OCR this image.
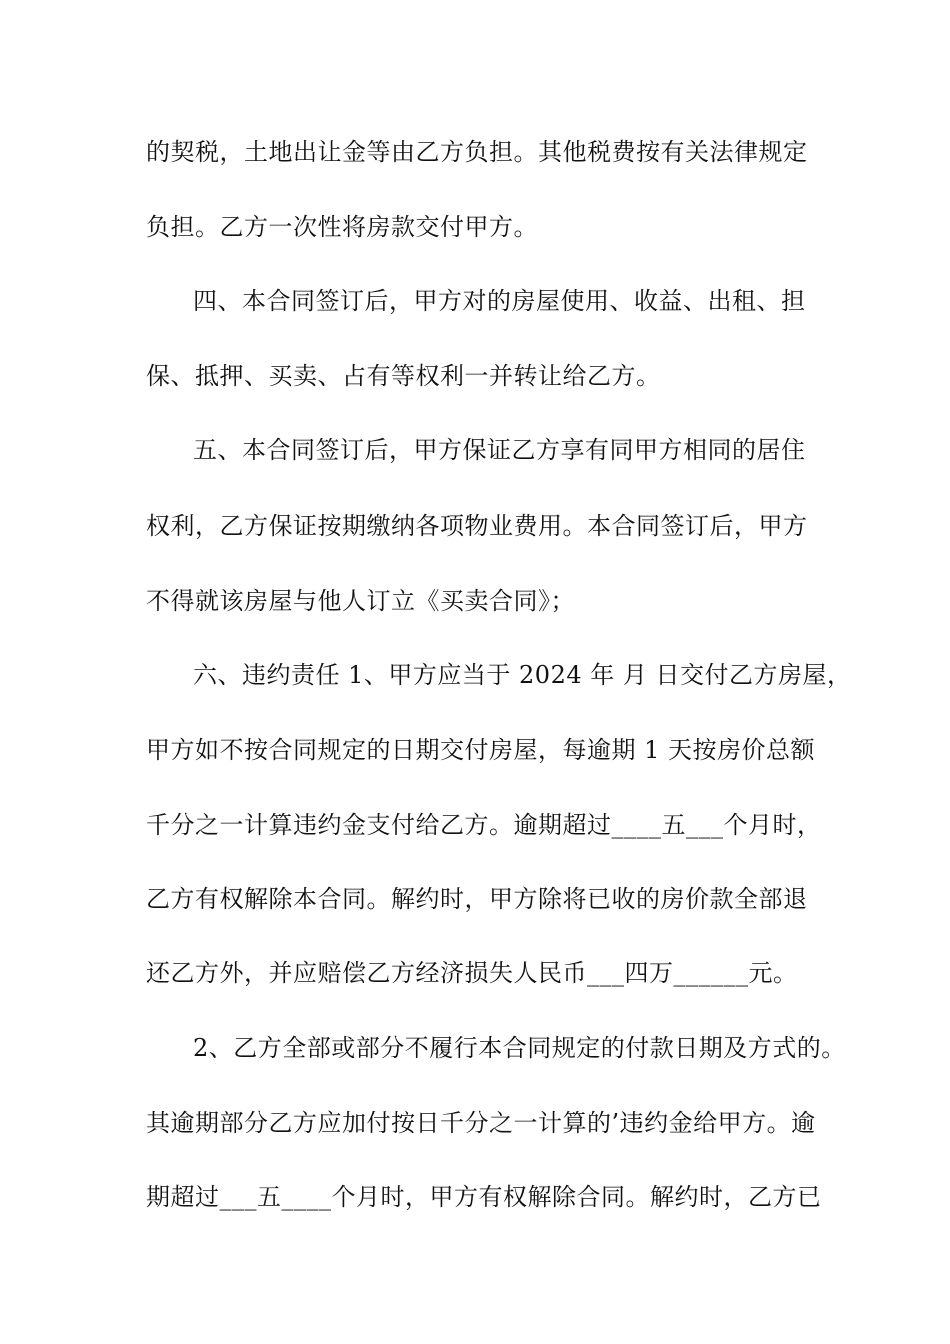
的契税，土地出让金等由乙方负担。其他税费按有关法律规定
负担。乙方一次性将房款交付甲方。
四、本合同签订后，甲方对的房屋使用、收益、出租、担
保、抵押、买卖、占有等权利一并转让给乙方。
五、本合同签订后，甲方保证乙方享有同甲方相同的居住
权利，乙方保证按期缴纳各项物业费用。本合同签订后，甲方
不得就该房屋与他人订立《买卖合同》；
六、违约责任 1、甲方应当于 2024 年 月 日交付乙方房屋，
甲方如不按合同规定的日期交付房屋，每逾期 1 天按房价总额
千分之一计算违约金支付给乙方。逾期超过____五___个月时，
乙方有权解除本合同。解约时，甲方除将已收的房价款全部退
还乙方外，并应赔偿乙方经济损失人民币___四万______元。
2、乙方全部或部分不履行本合同规定的付款日期及方式的。
其逾期部分乙方应加付按日千分之一计算的’违约金给甲方。逾
期超过___五____个月时，甲方有权解除合同。解约时，乙方已
